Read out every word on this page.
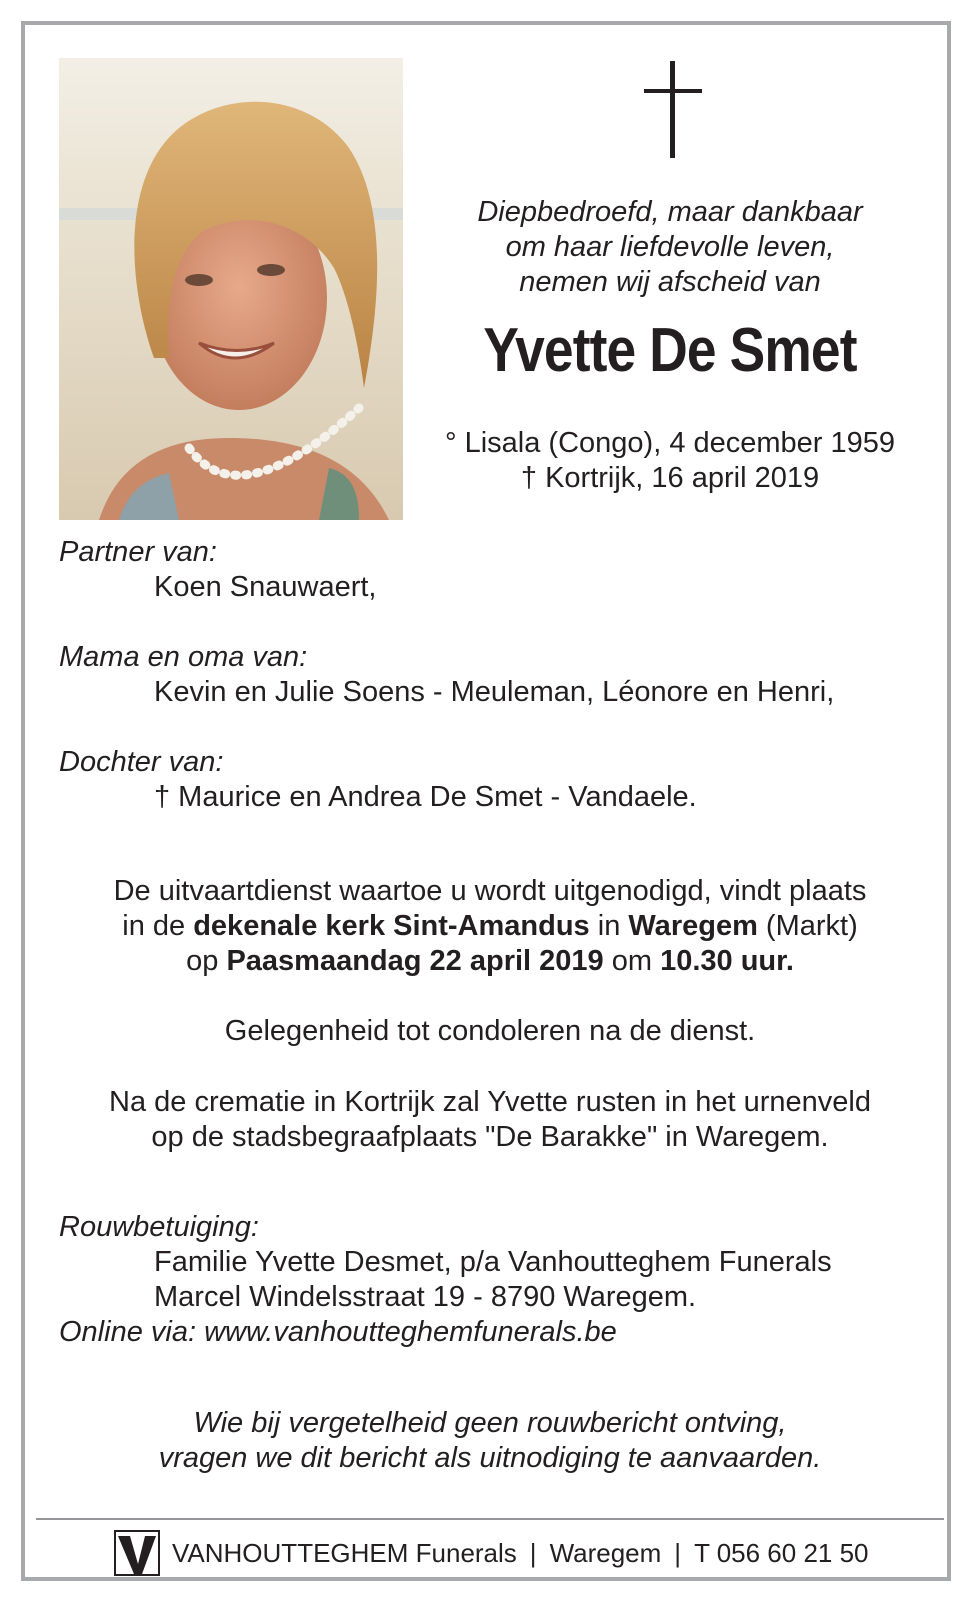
Diepbedroefd, maar dankbaar
om haar liefdevolle leven,
nemen wij afscheid van
Yvette De Smet
° Lisala (Congo), 4 december 1959
† Kortrijk, 16 april 2019
Partner van:
Koen Snauwaert,
Mama en oma van:
Kevin en Julie Soens - Meuleman, Léonore en Henri,
Dochter van:
† Maurice en Andrea De Smet - Vandaele.
De uitvaartdienst waartoe u wordt uitgenodigd, vindt plaats
in de dekenale kerk Sint-Amandus in Waregem (Markt)
op Paasmaandag 22 april 2019 om 10.30 uur.
Gelegenheid tot condoleren na de dienst.
Na de crematie in Kortrijk zal Yvette rusten in het urnenveld
op de stadsbegraafplaats "De Barakke" in Waregem.
Rouwbetuiging:
Familie Yvette Desmet, p/a Vanhoutteghem Funerals
Marcel Windelsstraat 19 - 8790 Waregem.
Online via: www.vanhoutteghemfunerals.be
Wie bij vergetelheid geen rouwbericht ontving,
vragen we dit bericht als uitnodiging te aanvaarden.
VANHOUTTEGHEM Funerals | Waregem | T 056 60 21 50
